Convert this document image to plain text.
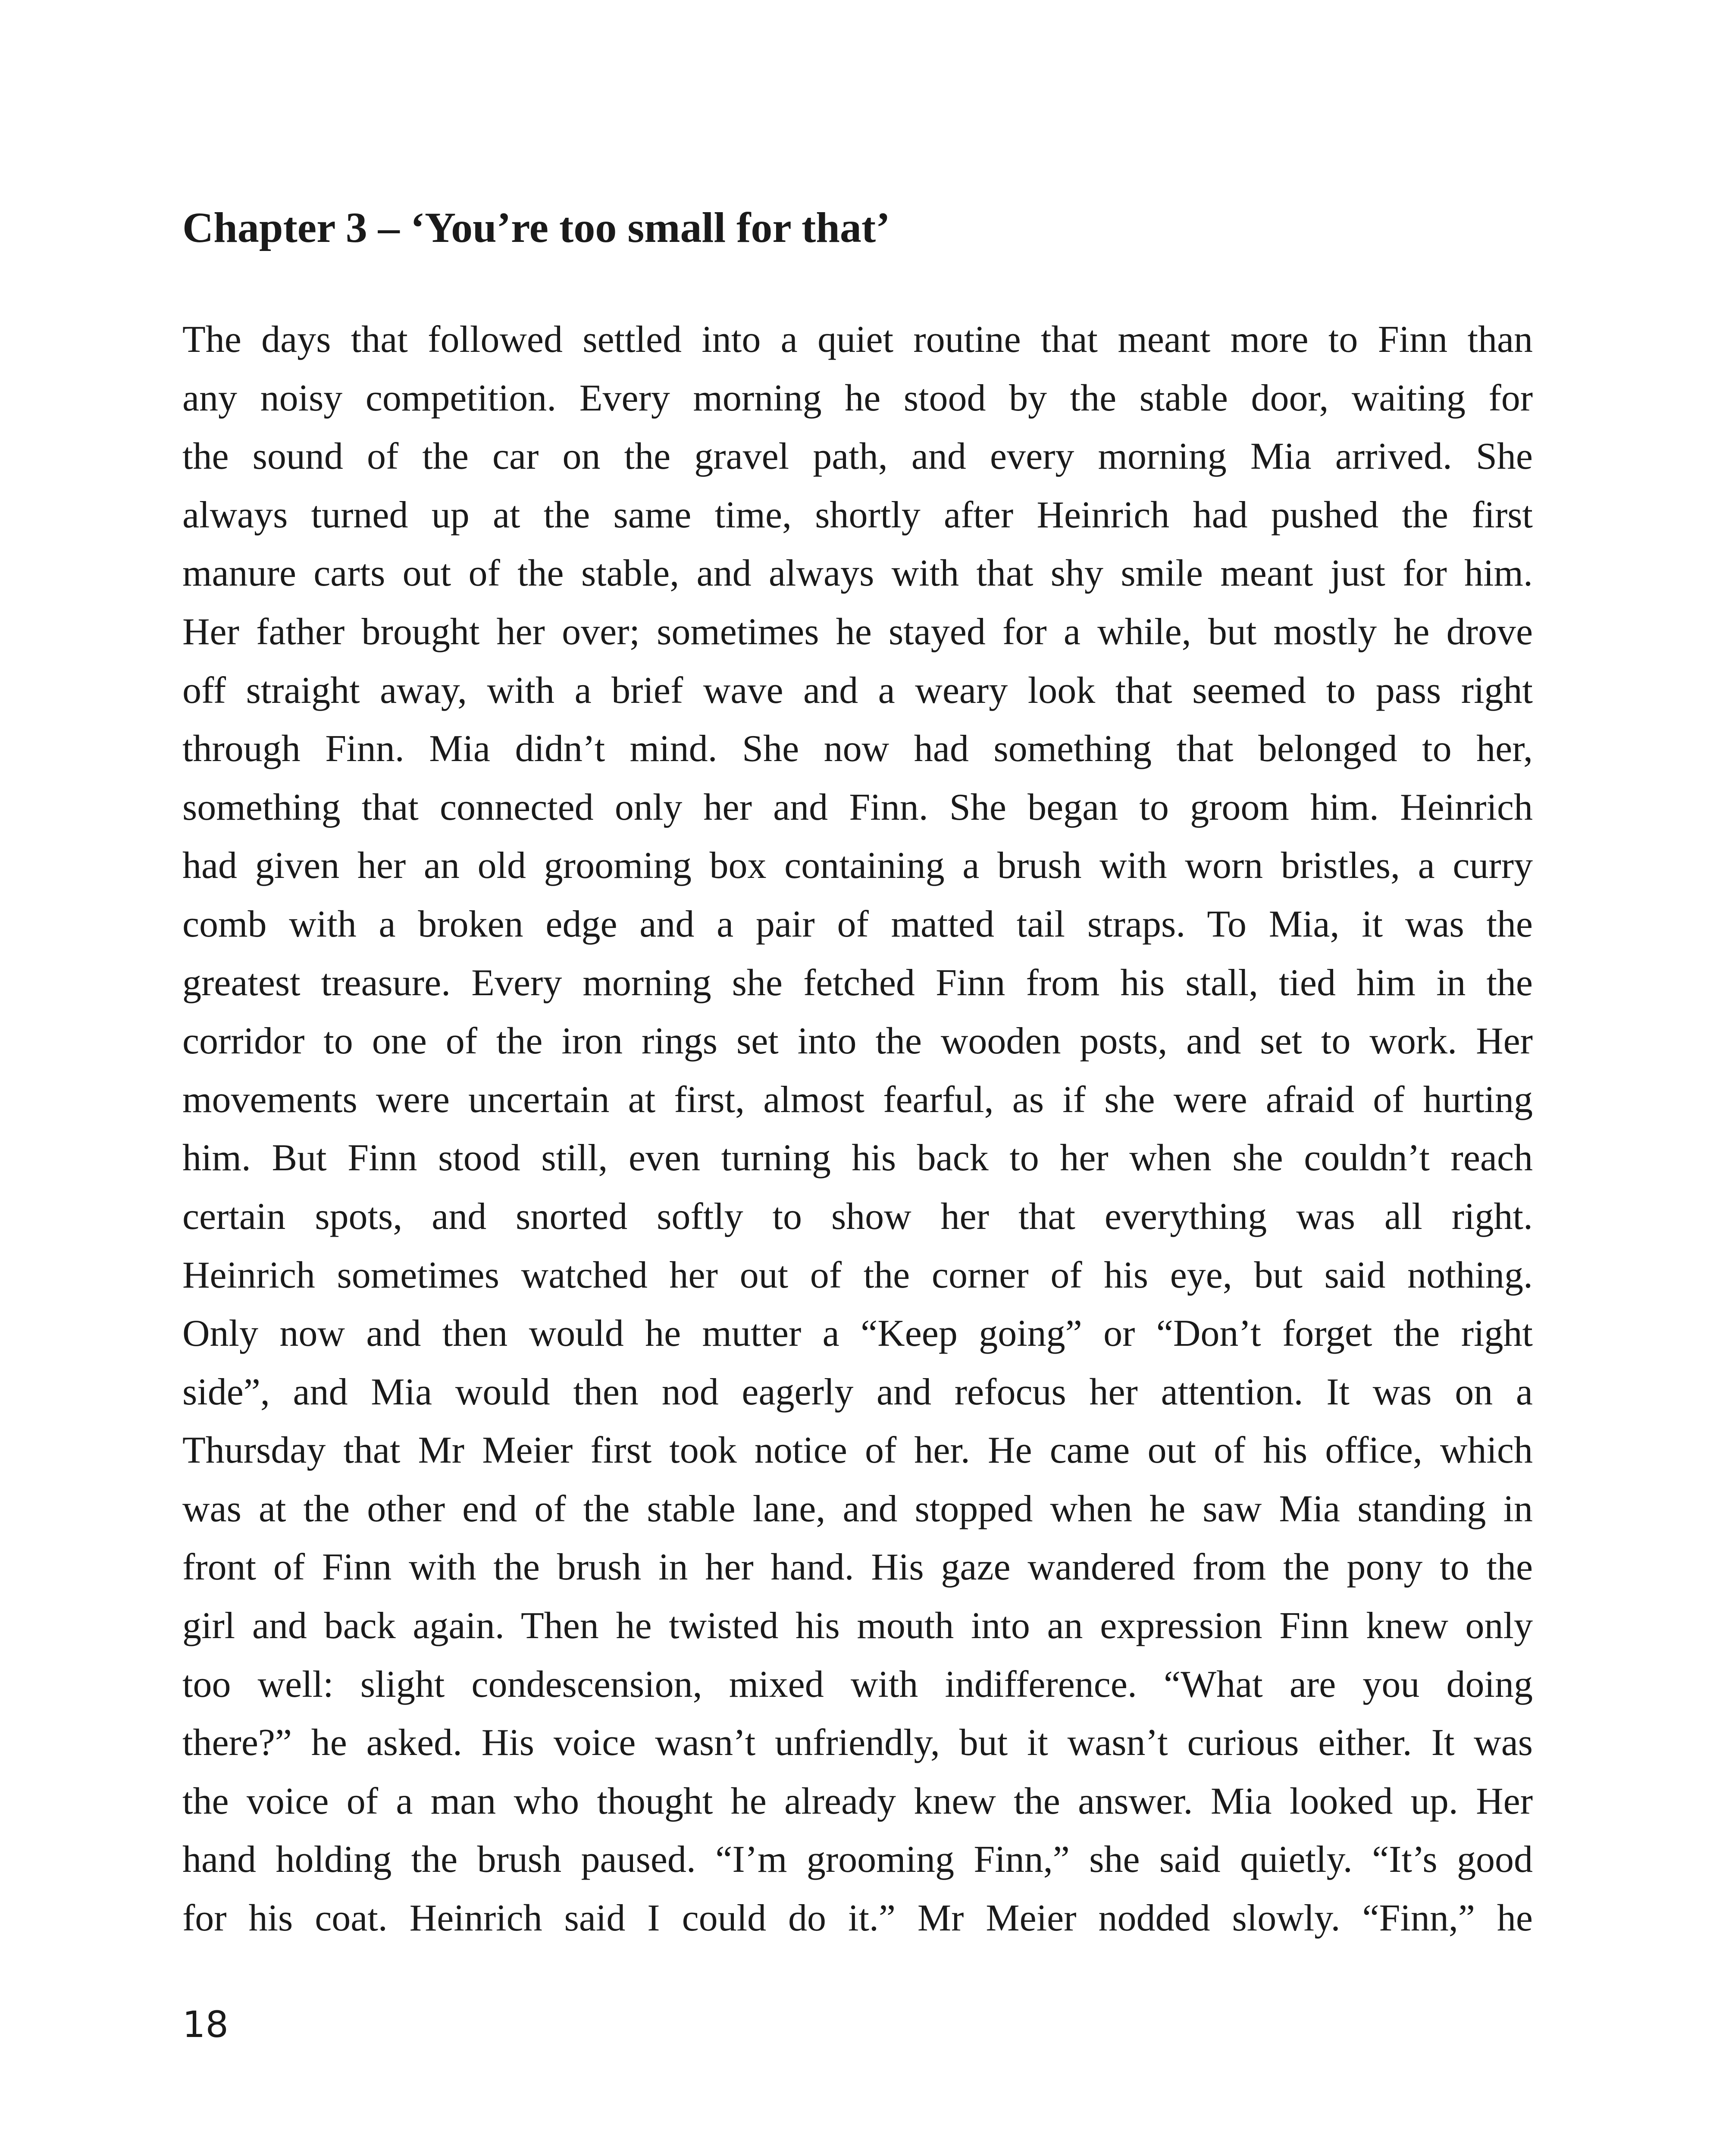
Chapter 3 – ‘You’re too small for that’
The days that followed settled into a quiet routine that meant more to Finn than
any noisy competition. Every morning he stood by the stable door, waiting for
the sound of the car on the gravel path, and every morning Mia arrived. She
always turned up at the same time, shortly after Heinrich had pushed the first
manure carts out of the stable, and always with that shy smile meant just for him.
Her father brought her over; sometimes he stayed for a while, but mostly he drove
off straight away, with a brief wave and a weary look that seemed to pass right
through Finn. Mia didn’t mind. She now had something that belonged to her,
something that connected only her and Finn. She began to groom him. Heinrich
had given her an old grooming box containing a brush with worn bristles, a curry
comb with a broken edge and a pair of matted tail straps. To Mia, it was the
greatest treasure. Every morning she fetched Finn from his stall, tied him in the
corridor to one of the iron rings set into the wooden posts, and set to work. Her
movements were uncertain at first, almost fearful, as if she were afraid of hurting
him. But Finn stood still, even turning his back to her when she couldn’t reach
certain spots, and snorted softly to show her that everything was all right.
Heinrich sometimes watched her out of the corner of his eye, but said nothing.
Only now and then would he mutter a “Keep going” or “Don’t forget the right
side”, and Mia would then nod eagerly and refocus her attention. It was on a
Thursday that Mr Meier first took notice of her. He came out of his office, which
was at the other end of the stable lane, and stopped when he saw Mia standing in
front of Finn with the brush in her hand. His gaze wandered from the pony to the
girl and back again. Then he twisted his mouth into an expression Finn knew only
too well: slight condescension, mixed with indifference. “What are you doing
there?” he asked. His voice wasn’t unfriendly, but it wasn’t curious either. It was
the voice of a man who thought he already knew the answer. Mia looked up. Her
hand holding the brush paused. “I’m grooming Finn,” she said quietly. “It’s good
for his coat. Heinrich said I could do it.” Mr Meier nodded slowly. “Finn,” he
18
